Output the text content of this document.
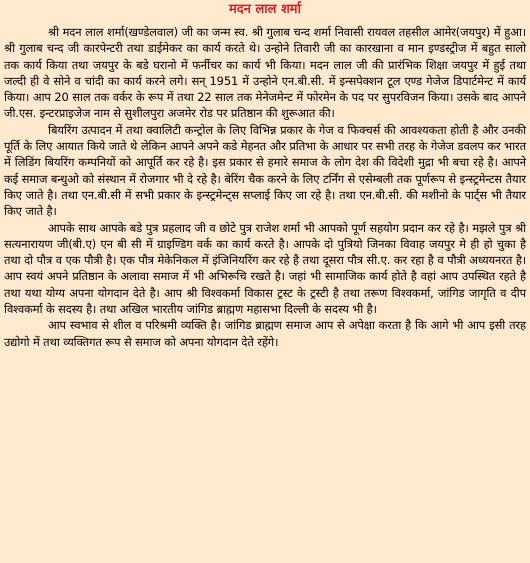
मदन लाल शर्मा

श्री मदन लाल शर्मा(खण्डेलवाल) जी का जन्म स्व. श्री गुलाब चन्द शर्मा निवासी रायवल तहसील आमेर(जयपुर) में हुआ। श्री गुलाब चन्द जी कारपेन्टरी तथा डाईमेकर का कार्य करते थे। उन्होने तिवारी जी का कारखाना व मान इण्डस्ट्रीज में बहुत सालो तक कार्य किया तथा जयपुर के बडे घरानो में फर्नीचर का कार्य भी किया। मदन लाल जी की प्रारंभिक शिक्षा जयपुर में हुई तथा जल्दी ही वे सोने व चांदी का कार्य करने लगे। सन् 1951 में उन्होने एन.बी.सी. में इन्सपेक्शन टूल एण्ड गेजेज डिपार्टमेन्ट में कार्य किया। आप 20 साल तक वर्कर के रूप में तथा 22 साल तक मेनेजमेन्ट में फोरमेन के पद पर सुपरविजन किया। उसके बाद आपने जी.एस. इन्टरप्राइजेज नाम से सुशीलपुरा अजमेर रोड पर प्रतिष्ठान की शुरूआत की।

बियरिंग उत्पादन में तथा क्वालिटी कन्ट्रोल के लिए विभिन्न प्रकार के गेज व फिक्चर्स की आवश्यकता होती है और उनकी पूर्ति के लिए आयात किये जाते थे लेकिन आपने अपने कडे मेहनत और प्रतिभा के आधार पर सभी तरह के गेजेज डवलप कर भारत में लिडिंग बियरिंग कम्पनियों को आपूर्ति कर रहे है। इस प्रकार से हमारे समाज के लोग देश की विदेशी मुद्रा भी बचा रहे है। आपने कई समाज बन्धुओ को संस्थान में रोजगार भी दे रहे है। बेरिंग चैक करने के लिए टर्निंग से एसेम्बली तक पूर्णरूप से इन्स्ट्रमेन्टस तैयार किए जाते है। तथा एन.बी.सी में सभी प्रकार के इन्स्ट्रमेन्ट्स सप्लाई किए जा रहे है। तथा एन.बी.सी. की मशीनो के पार्ट्स भी तैयार किए जाते है।

आपके साथ आपके बडे पुत्र प्रहलाद जी व छोटे पुत्र राजेश शर्मा भी आपको पूर्ण सहयोग प्रदान कर रहे है। मझले पुत्र श्री सत्यनारायण जी(बी.ए) एन बी सी में ग्राइण्डिग वर्क का कार्य करते है। आपके दो पुत्रियो जिनका विवाह जयपुर मे ही हो चुका है तथा दो पौत्र व एक पौत्री है। एक पौत्र मेकेनिकल में इंजिनियरिंग कर रहे है तथा दूसरा पौत्र सी.ए. कर रहा है व पौत्री अध्ययनरत है। आप स्वयं अपने प्रतिष्ठान के अलावा समाज में भी अभिरूचि रखते है। जहां भी सामाजिक कार्य होते है वहां आप उपस्थित रहते है तथा यथा योग्य अपना योगदान देते है। आप श्री विश्वकर्मा विकास ट्रस्ट के ट्रस्टी है तथा तरूण विश्वकर्मा, जांगिड जागृति व दीप विश्वकर्मा के सदस्य है। तथा अखिल भारतीय जांगिड ब्राह्मण महासभा दिल्ली के सदस्य भी है।

आप स्वभाव से शील व परिश्रमी व्यक्ति है। जांगिड ब्राह्मण समाज आप से अपेक्षा करता है कि आगे भी आप इसी तरह उद्योगो में तथा व्यक्तिगत रूप से समाज को अपना योगदान देते रहेंगे।
